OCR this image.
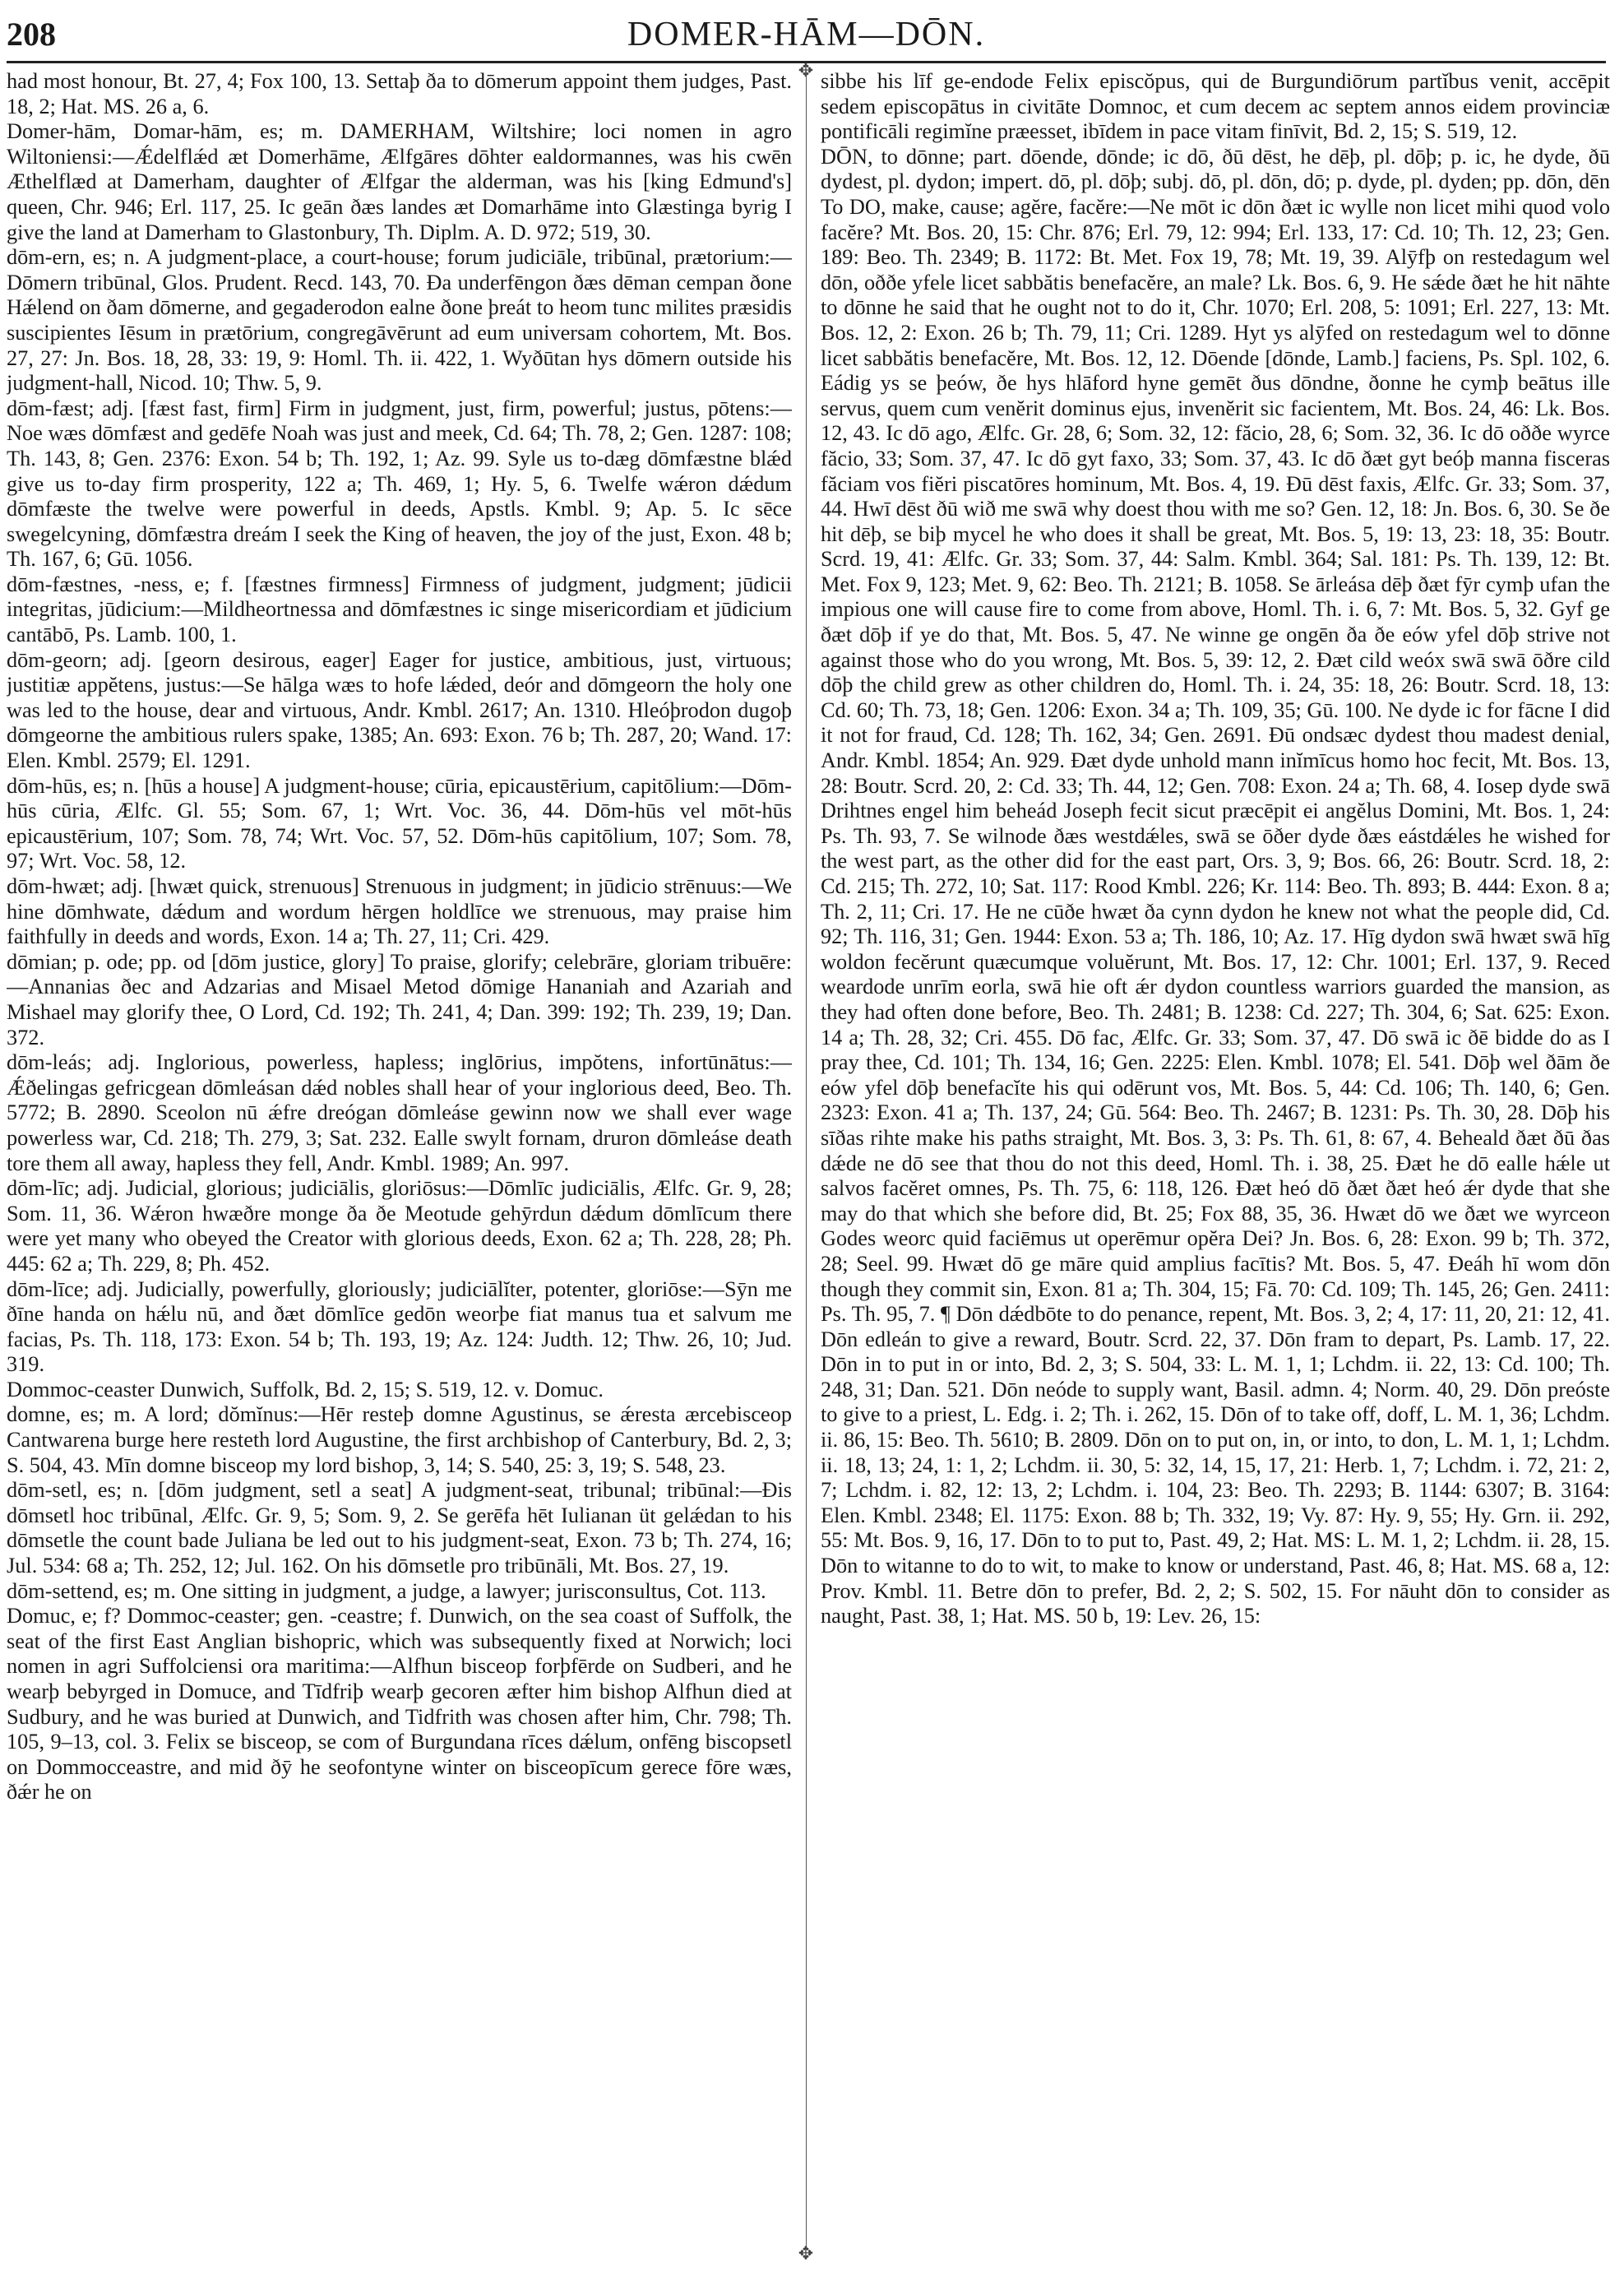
208	DOMER-HĀM—DŌN.
✥
✥

had most honour, Bt. 27, 4; Fox 100, 13. Settaþ ða to dōmerum appoint them judges, Past. 18, 2; Hat. MS. 26 a, 6.

Domer-hām, Domar-hām, es; m. DAMERHAM, Wiltshire; loci nomen in agro Wiltoniensi:—Ǽdelflǽd æt Domerhāme, Ælfgāres dōhter ealdormannes, was his cwēn Æthelflæd at Damerham, daughter of Ælfgar the alderman, was his [king Edmund's] queen, Chr. 946; Erl. 117, 25. Ic geān ðæs landes æt Domarhāme into Glæstinga byrig I give the land at Damerham to Glastonbury, Th. Diplm. A. D. 972; 519, 30.

dōm-ern, es; n. A judgment-place, a court-house; forum judiciāle, tribūnal, prætorium:—Dōmern tribūnal, Glos. Prudent. Recd. 143, 70. Ða underfēngon ðæs dēman cempan ðone Hǽlend on ðam dōmerne, and gegaderodon ealne ðone þreát to heom tunc milites præsidis suscipientes Iēsum in prætōrium, congregāvērunt ad eum universam cohortem, Mt. Bos. 27, 27: Jn. Bos. 18, 28, 33: 19, 9: Homl. Th. ii. 422, 1. Wyðūtan hys dōmern outside his judgment-hall, Nicod. 10; Thw. 5, 9.

dōm-fæst; adj. [fæst fast, firm] Firm in judgment, just, firm, powerful; justus, pōtens:—Noe wæs dōmfæst and gedēfe Noah was just and meek, Cd. 64; Th. 78, 2; Gen. 1287: 108; Th. 143, 8; Gen. 2376: Exon. 54 b; Th. 192, 1; Az. 99. Syle us to-dæg dōmfæstne blǽd give us to-day firm prosperity, 122 a; Th. 469, 1; Hy. 5, 6. Twelfe wǽron dǽdum dōmfæste the twelve were powerful in deeds, Apstls. Kmbl. 9; Ap. 5. Ic sēce swegelcyning, dōmfæstra dreám I seek the King of heaven, the joy of the just, Exon. 48 b; Th. 167, 6; Gū. 1056.

dōm-fæstnes, -ness, e; f. [fæstnes firmness] Firmness of judgment, judgment; jūdicii integritas, jūdicium:—Mildheortnessa and dōmfæstnes ic singe misericordiam et jūdicium cantābō, Ps. Lamb. 100, 1.

dōm-georn; adj. [georn desirous, eager] Eager for justice, ambitious, just, virtuous; justitiæ appĕtens, justus:—Se hālga wæs to hofe lǽded, deór and dōmgeorn the holy one was led to the house, dear and virtuous, Andr. Kmbl. 2617; An. 1310. Hleóþrodon dugoþ dōmgeorne the ambitious rulers spake, 1385; An. 693: Exon. 76 b; Th. 287, 20; Wand. 17: Elen. Kmbl. 2579; El. 1291.

dōm-hūs, es; n. [hūs a house] A judgment-house; cūria, epicaustērium, capitōlium:—Dōm-hūs cūria, Ælfc. Gl. 55; Som. 67, 1; Wrt. Voc. 36, 44. Dōm-hūs vel mōt-hūs epicaustērium, 107; Som. 78, 74; Wrt. Voc. 57, 52. Dōm-hūs capitōlium, 107; Som. 78, 97; Wrt. Voc. 58, 12.

dōm-hwæt; adj. [hwæt quick, strenuous] Strenuous in judgment; in jūdicio strēnuus:—We hine dōmhwate, dǽdum and wordum hērgen holdlīce we strenuous, may praise him faithfully in deeds and words, Exon. 14 a; Th. 27, 11; Cri. 429.

dōmian; p. ode; pp. od [dōm justice, glory] To praise, glorify; celebrāre, gloriam tribuēre:—Annanias ðec and Adzarias and Misael Metod dōmige Hananiah and Azariah and Mishael may glorify thee, O Lord, Cd. 192; Th. 241, 4; Dan. 399: 192; Th. 239, 19; Dan. 372.

dōm-leás; adj. Inglorious, powerless, hapless; inglōrius, impŏtens, infortūnātus:—Ǽðelingas gefricgean dōmleásan dǽd nobles shall hear of your inglorious deed, Beo. Th. 5772; B. 2890. Sceolon nū ǽfre dreógan dōmleáse gewinn now we shall ever wage powerless war, Cd. 218; Th. 279, 3; Sat. 232. Ealle swylt fornam, druron dōmleáse death tore them all away, hapless they fell, Andr. Kmbl. 1989; An. 997.

dōm-līc; adj. Judicial, glorious; judiciālis, gloriōsus:—Dōmlīc judiciālis, Ælfc. Gr. 9, 28; Som. 11, 36. Wǽron hwæðre monge ða ðe Meotude gehȳrdun dǽdum dōmlīcum there were yet many who obeyed the Creator with glorious deeds, Exon. 62 a; Th. 228, 28; Ph. 445: 62 a; Th. 229, 8; Ph. 452.

dōm-līce; adj. Judicially, powerfully, gloriously; judiciālĭter, potenter, gloriōse:—Sȳn me ðīne handa on hǽlu nū, and ðæt dōmlīce gedōn weorþe fiat manus tua et salvum me facias, Ps. Th. 118, 173: Exon. 54 b; Th. 193, 19; Az. 124: Judth. 12; Thw. 26, 10; Jud. 319.

Dommoc-ceaster Dunwich, Suffolk, Bd. 2, 15; S. 519, 12. v. Domuc.

domne, es; m. A lord; dŏmĭnus:—Hēr resteþ domne Agustinus, se ǽresta ærcebisceop Cantwarena burge here resteth lord Augustine, the first archbishop of Canterbury, Bd. 2, 3; S. 504, 43. Mīn domne bisceop my lord bishop, 3, 14; S. 540, 25: 3, 19; S. 548, 23.

dōm-setl, es; n. [dōm judgment, setl a seat] A judgment-seat, tribunal; tribūnal:—Ðis dōmsetl hoc tribūnal, Ælfc. Gr. 9, 5; Som. 9, 2. Se gerēfa hēt Iulianan üt gelǽdan to his dōmsetle the count bade Juliana be led out to his judgment-seat, Exon. 73 b; Th. 274, 16; Jul. 534: 68 a; Th. 252, 12; Jul. 162. On his dōmsetle pro tribūnāli, Mt. Bos. 27, 19.

dōm-settend, es; m. One sitting in judgment, a judge, a lawyer; jurisconsultus, Cot. 113.

Domuc, e; f? Dommoc-ceaster; gen. -ceastre; f. Dunwich, on the sea coast of Suffolk, the seat of the first East Anglian bishopric, which was subsequently fixed at Norwich; loci nomen in agri Suffolciensi ora maritima:—Alfhun bisceop forþfērde on Sudberi, and he wearþ bebyrged in Domuce, and Tīdfriþ wearþ gecoren æfter him bishop Alfhun died at Sudbury, and he was buried at Dunwich, and Tidfrith was chosen after him, Chr. 798; Th. 105, 9–13, col. 3. Felix se bisceop, se com of Burgundana rīces dǽlum, onfēng biscopsetl on Dommocceastre, and mid ðȳ he seofontyne winter on bisceopīcum gerece fōre wæs, ðǽr he on

sibbe his līf ge-endode Felix episcŏpus, qui de Burgundiōrum partĭbus venit, accēpit sedem episcopātus in civitāte Domnoc, et cum decem ac septem annos eidem provinciæ pontificāli regimĭne præesset, ibīdem in pace vitam finīvit, Bd. 2, 15; S. 519, 12.

DŌN, to dōnne; part. dōende, dōnde; ic dō, ðū dēst, he dēþ, pl. dōþ; p. ic, he dyde, ðū dydest, pl. dydon; impert. dō, pl. dōþ; subj. dō, pl. dōn, dō; p. dyde, pl. dyden; pp. dōn, dēn To DO, make, cause; agĕre, facĕre:—Ne mōt ic dōn ðæt ic wylle non licet mihi quod volo facĕre? Mt. Bos. 20, 15: Chr. 876; Erl. 79, 12: 994; Erl. 133, 17: Cd. 10; Th. 12, 23; Gen. 189: Beo. Th. 2349; B. 1172: Bt. Met. Fox 19, 78; Mt. 19, 39. Alȳfþ on restedagum wel dōn, oððe yfele licet sabbătis benefacĕre, an male? Lk. Bos. 6, 9. He sǽde ðæt he hit nāhte to dōnne he said that he ought not to do it, Chr. 1070; Erl. 208, 5: 1091; Erl. 227, 13: Mt. Bos. 12, 2: Exon. 26 b; Th. 79, 11; Cri. 1289. Hyt ys alȳfed on restedagum wel to dōnne licet sabbătis benefacĕre, Mt. Bos. 12, 12. Dōende [dōnde, Lamb.] faciens, Ps. Spl. 102, 6. Eádig ys se þeów, ðe hys hlāford hyne gemēt ðus dōndne, ðonne he cymþ beātus ille servus, quem cum venĕrit dominus ejus, invenĕrit sic facientem, Mt. Bos. 24, 46: Lk. Bos. 12, 43. Ic dō ago, Ælfc. Gr. 28, 6; Som. 32, 12: făcio, 28, 6; Som. 32, 36. Ic dō oððe wyrce făcio, 33; Som. 37, 47. Ic dō gyt faxo, 33; Som. 37, 43. Ic dō ðæt gyt beóþ manna fisceras făciam vos fiĕri piscatōres hominum, Mt. Bos. 4, 19. Ðū dēst faxis, Ælfc. Gr. 33; Som. 37, 44. Hwī dēst ðū wið me swā why doest thou with me so? Gen. 12, 18: Jn. Bos. 6, 30. Se ðe hit dēþ, se biþ mycel he who does it shall be great, Mt. Bos. 5, 19: 13, 23: 18, 35: Boutr. Scrd. 19, 41: Ælfc. Gr. 33; Som. 37, 44: Salm. Kmbl. 364; Sal. 181: Ps. Th. 139, 12: Bt. Met. Fox 9, 123; Met. 9, 62: Beo. Th. 2121; B. 1058. Se ārleása dēþ ðæt fȳr cymþ ufan the impious one will cause fire to come from above, Homl. Th. i. 6, 7: Mt. Bos. 5, 32. Gyf ge ðæt dōþ if ye do that, Mt. Bos. 5, 47. Ne winne ge ongēn ða ðe eów yfel dōþ strive not against those who do you wrong, Mt. Bos. 5, 39: 12, 2. Ðæt cild weóx swā swā ōðre cild dōþ the child grew as other children do, Homl. Th. i. 24, 35: 18, 26: Boutr. Scrd. 18, 13: Cd. 60; Th. 73, 18; Gen. 1206: Exon. 34 a; Th. 109, 35; Gū. 100. Ne dyde ic for fācne I did it not for fraud, Cd. 128; Th. 162, 34; Gen. 2691. Ðū ondsæc dydest thou madest denial, Andr. Kmbl. 1854; An. 929. Ðæt dyde unhold mann inĭmīcus homo hoc fecit, Mt. Bos. 13, 28: Boutr. Scrd. 20, 2: Cd. 33; Th. 44, 12; Gen. 708: Exon. 24 a; Th. 68, 4. Iosep dyde swā Drihtnes engel him beheád Joseph fecit sicut præcēpit ei angĕlus Domini, Mt. Bos. 1, 24: Ps. Th. 93, 7. Se wilnode ðæs westdǽles, swā se ōðer dyde ðæs eástdǽles he wished for the west part, as the other did for the east part, Ors. 3, 9; Bos. 66, 26: Boutr. Scrd. 18, 2: Cd. 215; Th. 272, 10; Sat. 117: Rood Kmbl. 226; Kr. 114: Beo. Th. 893; B. 444: Exon. 8 a; Th. 2, 11; Cri. 17. He ne cūðe hwæt ða cynn dydon he knew not what the people did, Cd. 92; Th. 116, 31; Gen. 1944: Exon. 53 a; Th. 186, 10; Az. 17. Hīg dydon swā hwæt swā hīg woldon fecĕrunt quæcumque voluĕrunt, Mt. Bos. 17, 12: Chr. 1001; Erl. 137, 9. Reced weardode unrīm eorla, swā hie oft ǽr dydon countless warriors guarded the mansion, as they had often done before, Beo. Th. 2481; B. 1238: Cd. 227; Th. 304, 6; Sat. 625: Exon. 14 a; Th. 28, 32; Cri. 455. Dō fac, Ælfc. Gr. 33; Som. 37, 47. Dō swā ic ðē bidde do as I pray thee, Cd. 101; Th. 134, 16; Gen. 2225: Elen. Kmbl. 1078; El. 541. Dōþ wel ðām ðe eów yfel dōþ benefacĭte his qui odērunt vos, Mt. Bos. 5, 44: Cd. 106; Th. 140, 6; Gen. 2323: Exon. 41 a; Th. 137, 24; Gū. 564: Beo. Th. 2467; B. 1231: Ps. Th. 30, 28. Dōþ his sīðas rihte make his paths straight, Mt. Bos. 3, 3: Ps. Th. 61, 8: 67, 4. Beheald ðæt ðū ðas dǽde ne dō see that thou do not this deed, Homl. Th. i. 38, 25. Ðæt he dō ealle hǽle ut salvos facĕret omnes, Ps. Th. 75, 6: 118, 126. Ðæt heó dō ðæt ðæt heó ǽr dyde that she may do that which she before did, Bt. 25; Fox 88, 35, 36. Hwæt dō we ðæt we wyrceon Godes weorc quid faciēmus ut operēmur opĕra Dei? Jn. Bos. 6, 28: Exon. 99 b; Th. 372, 28; Seel. 99. Hwæt dō ge māre quid amplius facītis? Mt. Bos. 5, 47. Ðeáh hī wom dōn though they commit sin, Exon. 81 a; Th. 304, 15; Fā. 70: Cd. 109; Th. 145, 26; Gen. 2411: Ps. Th. 95, 7. ¶ Dōn dǽdbōte to do penance, repent, Mt. Bos. 3, 2; 4, 17: 11, 20, 21: 12, 41. Dōn edleán to give a reward, Boutr. Scrd. 22, 37. Dōn fram to depart, Ps. Lamb. 17, 22. Dōn in to put in or into, Bd. 2, 3; S. 504, 33: L. M. 1, 1; Lchdm. ii. 22, 13: Cd. 100; Th. 248, 31; Dan. 521. Dōn neóde to supply want, Basil. admn. 4; Norm. 40, 29. Dōn preóste to give to a priest, L. Edg. i. 2; Th. i. 262, 15. Dōn of to take off, doff, L. M. 1, 36; Lchdm. ii. 86, 15: Beo. Th. 5610; B. 2809. Dōn on to put on, in, or into, to don, L. M. 1, 1; Lchdm. ii. 18, 13; 24, 1: 1, 2; Lchdm. ii. 30, 5: 32, 14, 15, 17, 21: Herb. 1, 7; Lchdm. i. 72, 21: 2, 7; Lchdm. i. 82, 12: 13, 2; Lchdm. i. 104, 23: Beo. Th. 2293; B. 1144: 6307; B. 3164: Elen. Kmbl. 2348; El. 1175: Exon. 88 b; Th. 332, 19; Vy. 87: Hy. 9, 55; Hy. Grn. ii. 292, 55: Mt. Bos. 9, 16, 17. Dōn to to put to, Past. 49, 2; Hat. MS: L. M. 1, 2; Lchdm. ii. 28, 15. Dōn to witanne to do to wit, to make to know or understand, Past. 46, 8; Hat. MS. 68 a, 12: Prov. Kmbl. 11. Betre dōn to prefer, Bd. 2, 2; S. 502, 15. For nāuht dōn to consider as naught, Past. 38, 1; Hat. MS. 50 b, 19: Lev. 26, 15:
